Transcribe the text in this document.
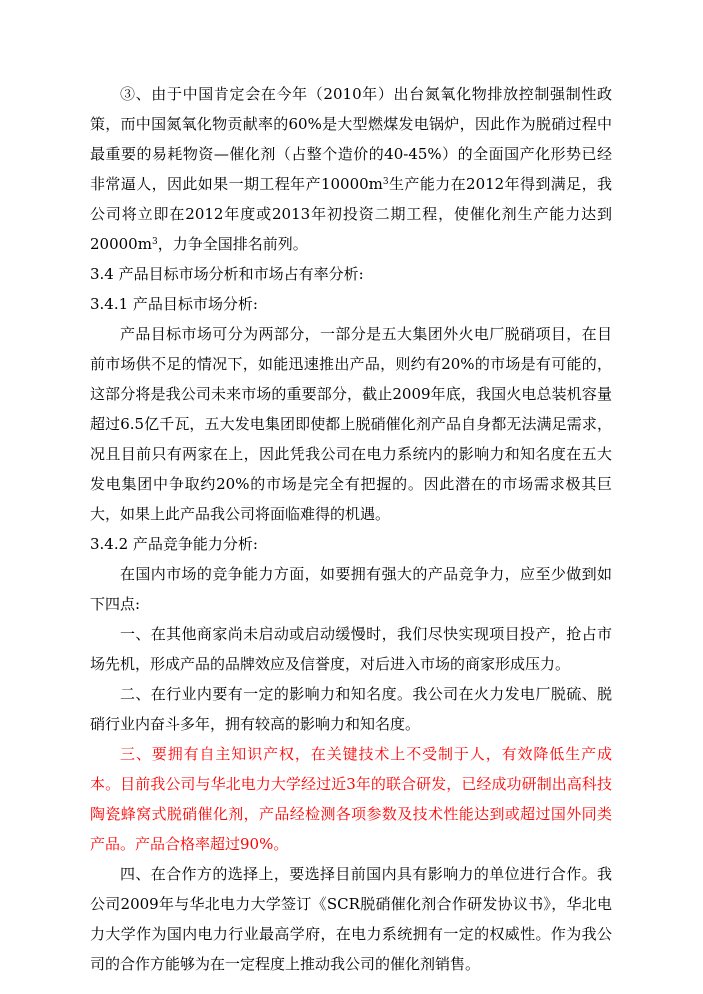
③、由于中国肯定会在今年（2010年）出台氮氧化物排放控制强制性政策，而中国氮氧化物贡献率的60%是大型燃煤发电锅炉，因此作为脱硝过程中最重要的易耗物资—催化剂（占整个造价的40-45%）的全面国产化形势已经非常逼人，因此如果一期工程年产$10000m^3$生产能力在2012年得到满足，我公司将立即在2012年度或2013年初投资二期工程，使催化剂生产能力达到$20000m^3$，力争全国排名前列。

3.4 产品目标市场分析和市场占有率分析:

3.4.1 产品目标市场分析:

产品目标市场可分为两部分，一部分是五大集团外火电厂脱硝项目，在目前市场供不足的情况下，如能迅速推出产品，则约有20%的市场是有可能的，这部分将是我公司未来市场的重要部分，截止2009年底，我国火电总装机容量超过6.5亿千瓦，五大发电集团即使都上脱硝催化剂产品自身都无法满足需求，况且目前只有两家在上，因此凭我公司在电力系统内的影响力和知名度在五大发电集团中争取约20%的市场是完全有把握的。因此潜在的市场需求极其巨大，如果上此产品我公司将面临难得的机遇。

3.4.2 产品竞争能力分析:

在国内市场的竞争能力方面，如要拥有强大的产品竞争力，应至少做到如下四点:

一、在其他商家尚未启动或启动缓慢时，我们尽快实现项目投产，抢占市场先机，形成产品的品牌效应及信誉度，对后进入市场的商家形成压力。

二、在行业内要有一定的影响力和知名度。我公司在火力发电厂脱硫、脱硝行业内奋斗多年，拥有较高的影响力和知名度。

三、要拥有自主知识产权，在关键技术上不受制于人，有效降低生产成本。目前我公司与华北电力大学经过近3年的联合研发，已经成功研制出高科技陶瓷蜂窝式脱硝催化剂，产品经检测各项参数及技术性能达到或超过国外同类产品。产品合格率超过90%。

四、在合作方的选择上，要选择目前国内具有影响力的单位进行合作。我公司2009年与华北电力大学签订《SCR脱硝催化剂合作研发协议书》，华北电力大学作为国内电力行业最高学府，在电力系统拥有一定的权威性。作为我公司的合作方能够为在一定程度上推动我公司的催化剂销售。
